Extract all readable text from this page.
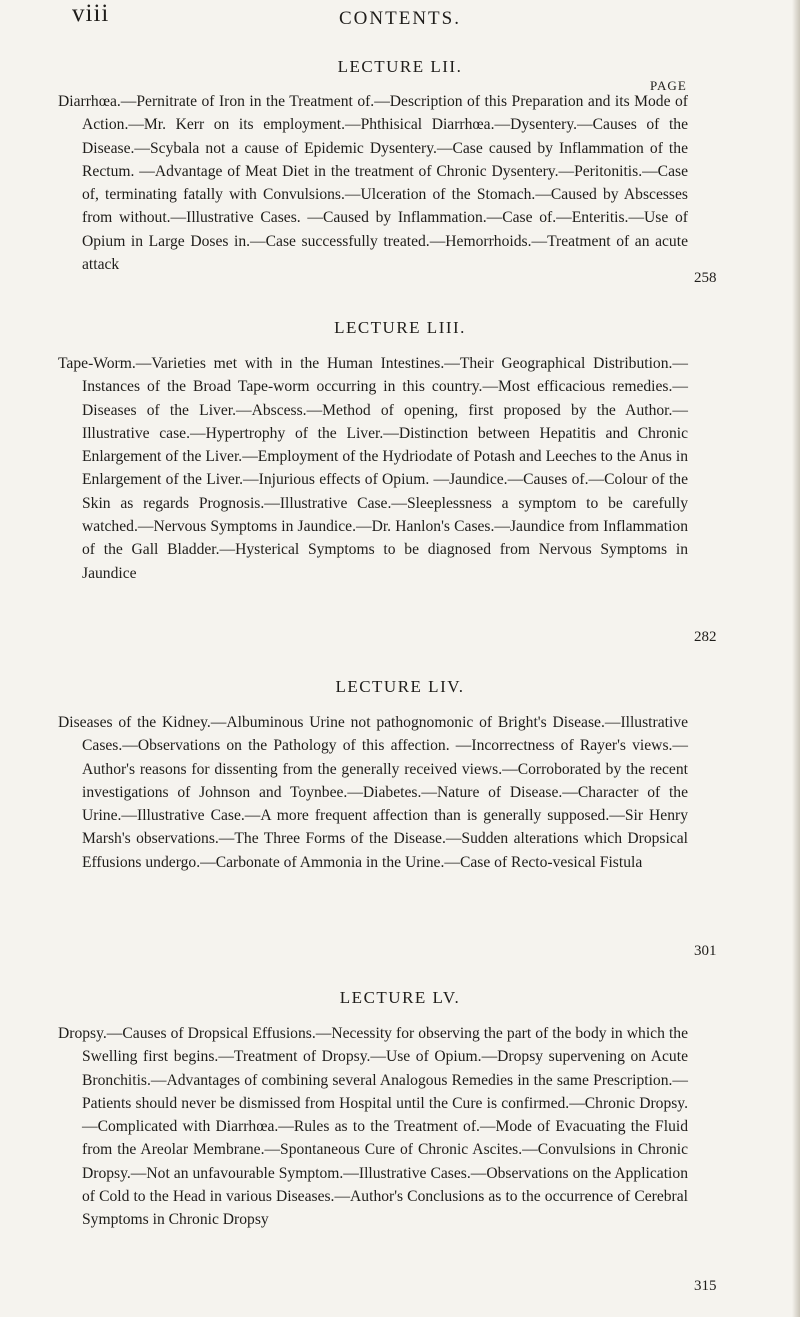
viii	CONTENTS.
LECTURE LII.
PAGE
Diarrhœa.—Pernitrate of Iron in the Treatment of.—Description of this Preparation and its Mode of Action.—Mr. Kerr on its employment.—Phthisical Diarrhœa.—Dysentery.—Causes of the Disease.—Scybala not a cause of Epidemic Dysentery.—Case caused by Inflammation of the Rectum. —Advantage of Meat Diet in the treatment of Chronic Dysentery.—Peritonitis.—Case of, terminating fatally with Convulsions.—Ulceration of the Stomach.—Caused by Abscesses from without.—Illustrative Cases. —Caused by Inflammation.—Case of.—Enteritis.—Use of Opium in Large Doses in.—Case successfully treated.—Hemorrhoids.—Treatment of an acute attack
258
LECTURE LIII.
Tape-Worm.—Varieties met with in the Human Intestines.—Their Geographical Distribution.—Instances of the Broad Tape-worm occurring in this country.—Most efficacious remedies.—Diseases of the Liver.—Abscess.—Method of opening, first proposed by the Author.—Illustrative case.—Hypertrophy of the Liver.—Distinction between Hepatitis and Chronic Enlargement of the Liver.—Employment of the Hydriodate of Potash and Leeches to the Anus in Enlargement of the Liver.—Injurious effects of Opium. —Jaundice.—Causes of.—Colour of the Skin as regards Prognosis.—Illustrative Case.—Sleeplessness a symptom to be carefully watched.—Nervous Symptoms in Jaundice.—Dr. Hanlon's Cases.—Jaundice from Inflammation of the Gall Bladder.—Hysterical Symptoms to be diagnosed from Nervous Symptoms in Jaundice
282
LECTURE LIV.
Diseases of the Kidney.—Albuminous Urine not pathognomonic of Bright's Disease.—Illustrative Cases.—Observations on the Pathology of this affection. —Incorrectness of Rayer's views.—Author's reasons for dissenting from the generally received views.—Corroborated by the recent investigations of Johnson and Toynbee.—Diabetes.—Nature of Disease.—Character of the Urine.—Illustrative Case.—A more frequent affection than is generally supposed.—Sir Henry Marsh's observations.—The Three Forms of the Disease.—Sudden alterations which Dropsical Effusions undergo.—Carbonate of Ammonia in the Urine.—Case of Recto-vesical Fistula
301
LECTURE LV.
Dropsy.—Causes of Dropsical Effusions.—Necessity for observing the part of the body in which the Swelling first begins.—Treatment of Dropsy.—Use of Opium.—Dropsy supervening on Acute Bronchitis.—Advantages of combining several Analogous Remedies in the same Prescription.—Patients should never be dismissed from Hospital until the Cure is confirmed.—Chronic Dropsy.—Complicated with Diarrhœa.—Rules as to the Treatment of.—Mode of Evacuating the Fluid from the Areolar Membrane.—Spontaneous Cure of Chronic Ascites.—Convulsions in Chronic Dropsy.—Not an unfavourable Symptom.—Illustrative Cases.—Observations on the Application of Cold to the Head in various Diseases.—Author's Conclusions as to the occurrence of Cerebral Symptoms in Chronic Dropsy
315
